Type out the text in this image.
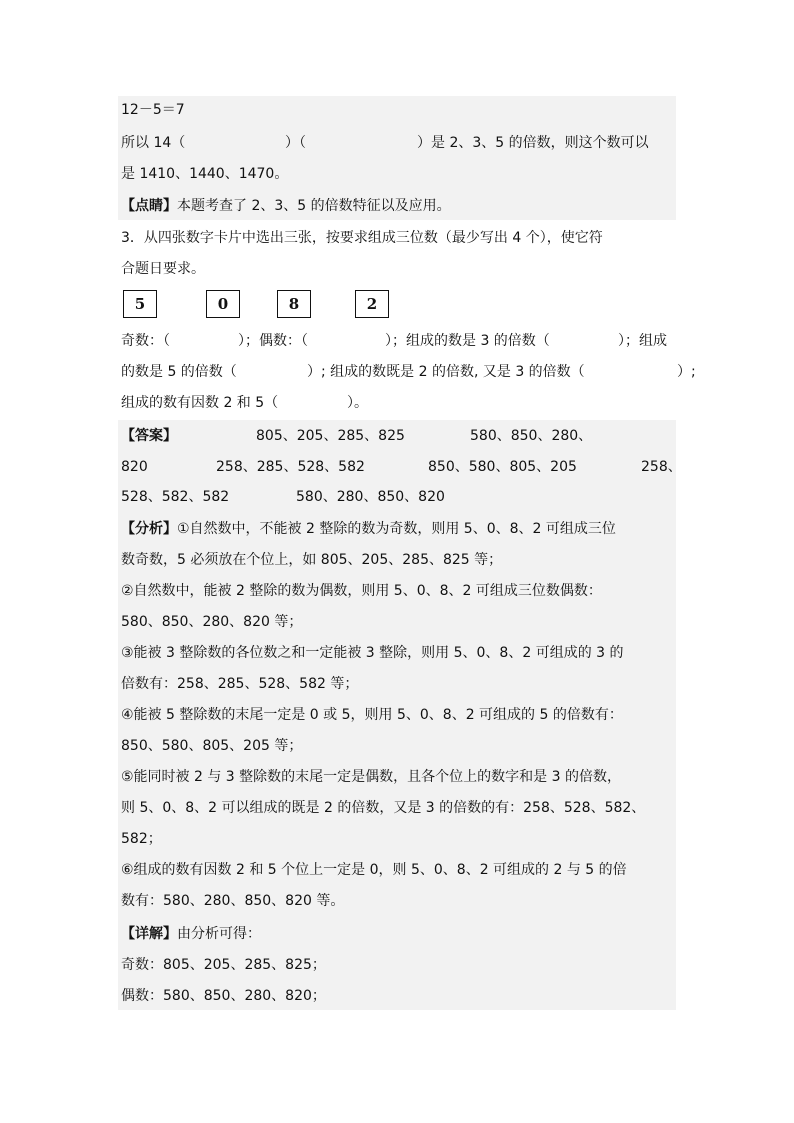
12－5＝7
所以 14（	）（	）是 2、3、5 的倍数，则这个数可以
是 1410、1440、1470。
【点睛】本题考查了 2、3、5 的倍数特征以及应用。
3．从四张数字卡片中选出三张，按要求组成三位数（最少写出 4 个），使它符
合题日要求。
5	0	8	2
奇数：（	）；偶数：（	）；组成的数是 3 的倍数（	）；组成
的数是 5 的倍数（	）; 组成的数既是 2 的倍数, 又是 3 的倍数（	）;
组成的数有因数 2 和 5（	）。
【答案】	805、205、285、825	580、850、280、
820	258、285、528、582	850、580、805、205	258、
528、582、582	580、280、850、820
【分析】①自然数中，不能被 2 整除的数为奇数，则用 5、0、8、2 可组成三位
数奇数，5 必须放在个位上，如 805、205、285、825 等；
②自然数中，能被 2 整除的数为偶数，则用 5、0、8、2 可组成三位数偶数：
580、850、280、820 等；
③能被 3 整除数的各位数之和一定能被 3 整除，则用 5、0、8、2 可组成的 3 的
倍数有：258、285、528、582 等；
④能被 5 整除数的末尾一定是 0 或 5，则用 5、0、8、2 可组成的 5 的倍数有：
850、580、805、205 等；
⑤能同时被 2 与 3 整除数的末尾一定是偶数，且各个位上的数字和是 3 的倍数，
则 5、0、8、2 可以组成的既是 2 的倍数，又是 3 的倍数的有：258、528、582、
582；
⑥组成的数有因数 2 和 5 个位上一定是 0，则 5、0、8、2 可组成的 2 与 5 的倍
数有：580、280、850、820 等。
【详解】由分析可得：
奇数：805、205、285、825；
偶数：580、850、280、820；
